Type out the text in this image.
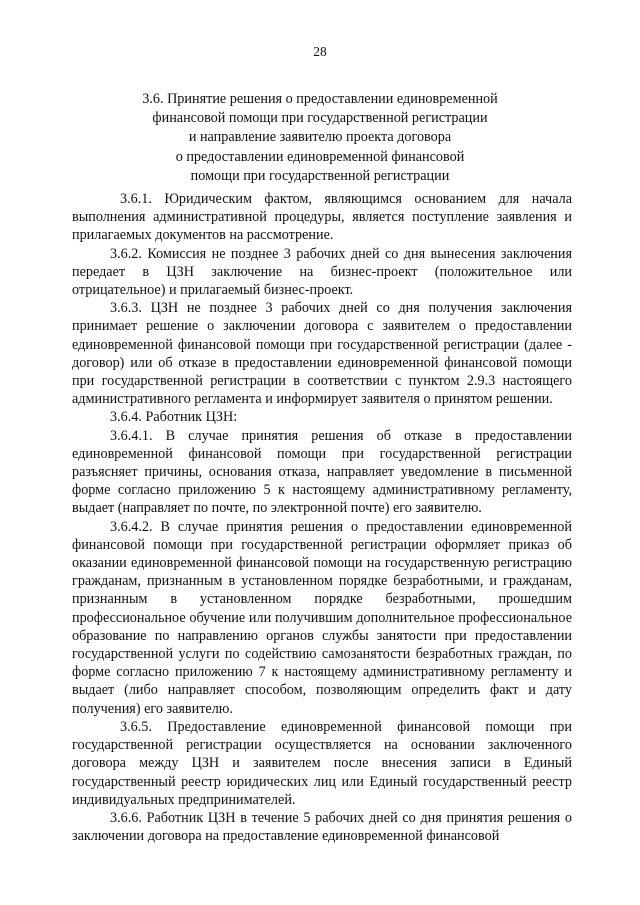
28
3.6. Принятие решения о предоставлении единовременной
финансовой помощи при государственной регистрации
и направление заявителю проекта договора
о предоставлении единовременной финансовой
помощи при государственной регистрации

3.6.1. Юридическим фактом, являющимся основанием для начала выполнения административной процедуры, является поступление заявления и прилагаемых документов на рассмотрение.

3.6.2. Комиссия не позднее 3 рабочих дней со дня вынесения заключения передает в ЦЗН заключение на бизнес-проект (положительное или отрицательное) и прилагаемый бизнес-проект.

3.6.3. ЦЗН не позднее 3 рабочих дней со дня получения заключения принимает решение о заключении договора с заявителем о предоставлении единовременной финансовой помощи при государственной регистрации (далее - договор) или об отказе в предоставлении единовременной финансовой помощи при государственной регистрации в соответствии с пунктом 2.9.3 настоящего административного регламента и информирует заявителя о принятом решении.

3.6.4. Работник ЦЗН:

3.6.4.1. В случае принятия решения об отказе в предоставлении единовременной финансовой помощи при государственной регистрации разъясняет причины, основания отказа, направляет уведомление в письменной форме согласно приложению 5 к настоящему административному регламенту, выдает (направляет по почте, по электронной почте) его заявителю.

3.6.4.2. В случае принятия решения о предоставлении единовременной финансовой помощи при государственной регистрации оформляет приказ об оказании единовременной финансовой помощи на государственную регистрацию гражданам, признанным в установленном порядке безработными, и гражданам, признанным в установленном порядке безработными, прошедшим профессиональное обучение или получившим дополнительное профессиональное образование по направлению органов службы занятости при предоставлении государственной услуги по содействию самозанятости безработных граждан, по форме согласно приложению 7 к настоящему административному регламенту и выдает (либо направляет способом, позволяющим определить факт и дату получения) его заявителю.

3.6.5. Предоставление единовременной финансовой помощи при государственной регистрации осуществляется на основании заключенного договора между ЦЗН и заявителем после внесения записи в Единый государственный реестр юридических лиц или Единый государственный реестр индивидуальных предпринимателей.

3.6.6. Работник ЦЗН в течение 5 рабочих дней со дня принятия решения о заключении договора на предоставление единовременной финансовой
